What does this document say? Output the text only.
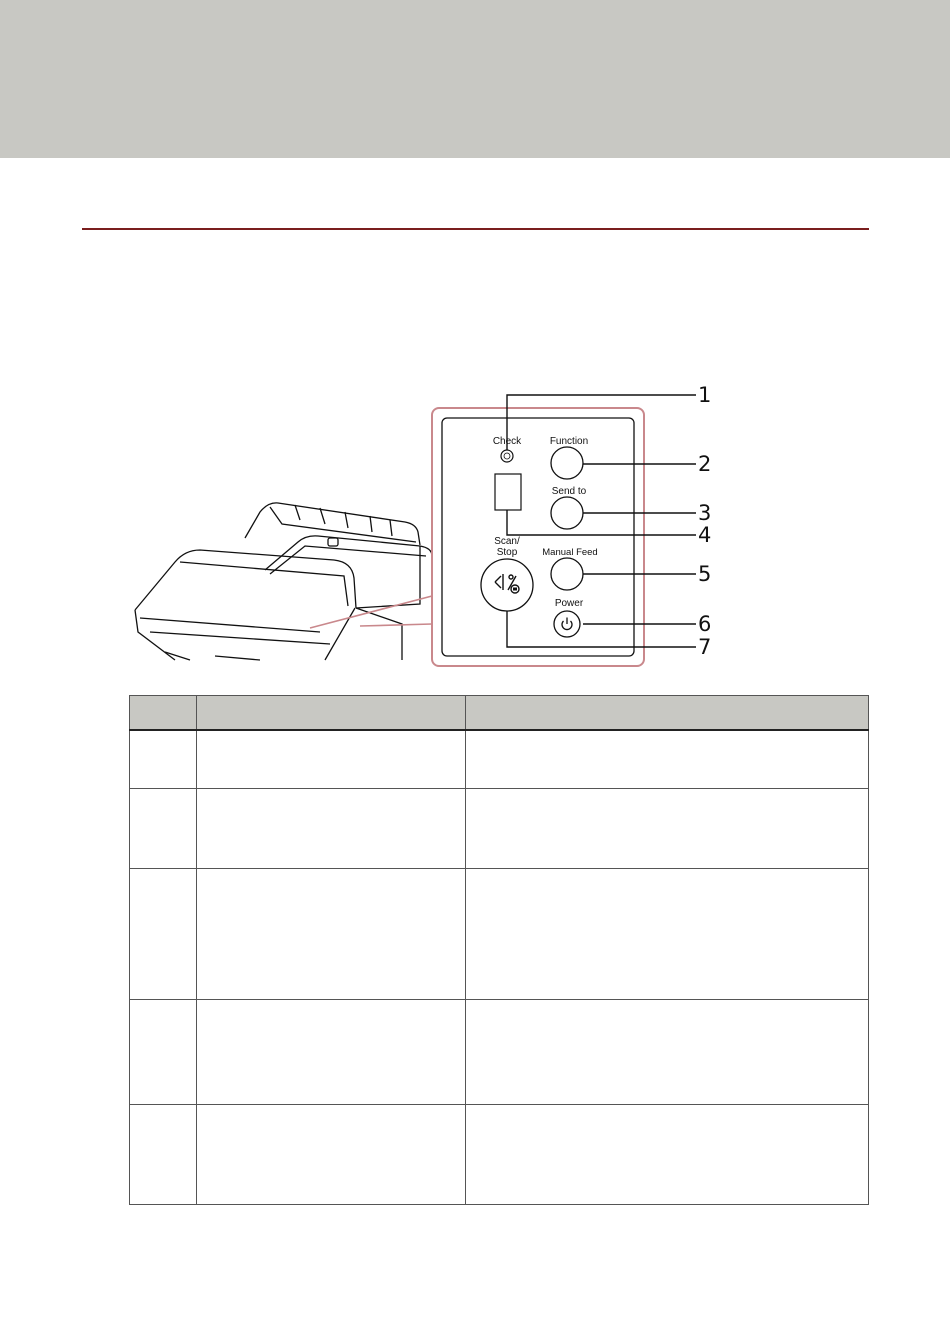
Check	Function
Send to
Scan/
Stop	Manual Feed
Power
1
2
3
4
5
6
7
